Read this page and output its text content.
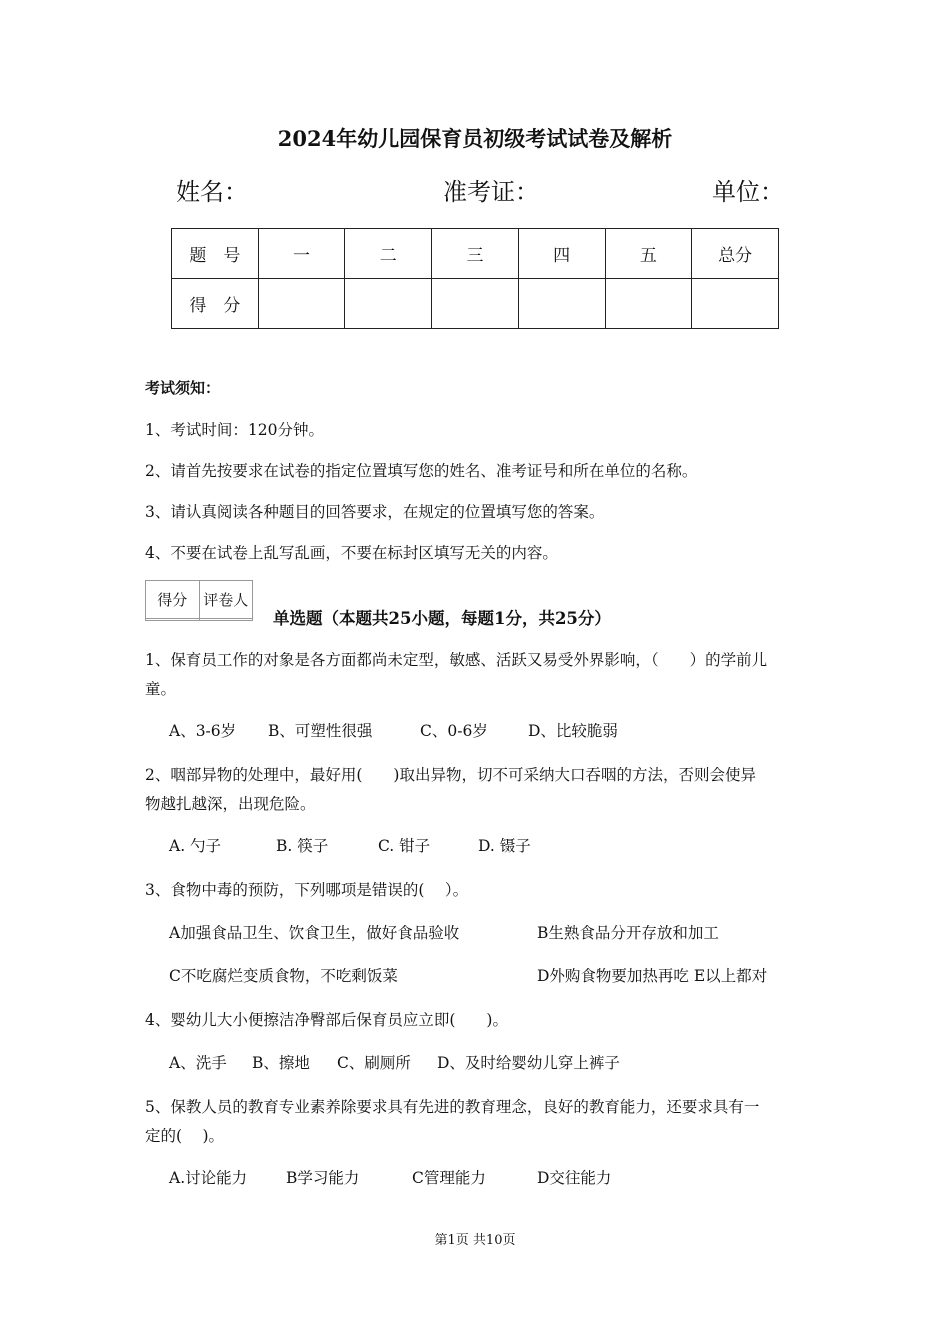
2024年幼儿园保育员初级考试试卷及解析
姓名：	准考证：	单位：
题　号	一	二	三	四	五	总分
得　分						
考试须知：
1、考试时间：120分钟。
2、请首先按要求在试卷的指定位置填写您的姓名、准考证号和所在单位的名称。
3、请认真阅读各种题目的回答要求，在规定的位置填写您的答案。
4、不要在试卷上乱写乱画，不要在标封区填写无关的内容。
得分	评卷人

单选题（本题共25小题，每题1分，共25分）
1、保育员工作的对象是各方面都尚未定型，敏感、活跃又易受外界影响，（　　）的学前儿
童。
A、3-6岁 B、可塑性很强	C、0-6岁	D、比较脆弱
2、咽部异物的处理中，最好用(　　)取出异物，切不可采纳大口吞咽的方法，否则会使异
物越扎越深，出现危险。
A. 勺子	B. 筷子	C. 钳子	D. 镊子
3、食物中毒的预防，下列哪项是错误的(　 ）。
A加强食品卫生、饮食卫生，做好食品验收	B生熟食品分开存放和加工
C不吃腐烂变质食物，不吃剩饭菜	D外购食物要加热再吃 E以上都对
4、婴幼儿大小便擦洁净臀部后保育员应立即(　　)。
A、洗手 B、擦地 C、刷厕所 D、及时给婴幼儿穿上裤子
5、保教人员的教育专业素养除要求具有先进的教育理念，良好的教育能力，还要求具有一
定的(　 )。
A.讨论能力	B学习能力	C管理能力	D交往能力
第1页 共10页
